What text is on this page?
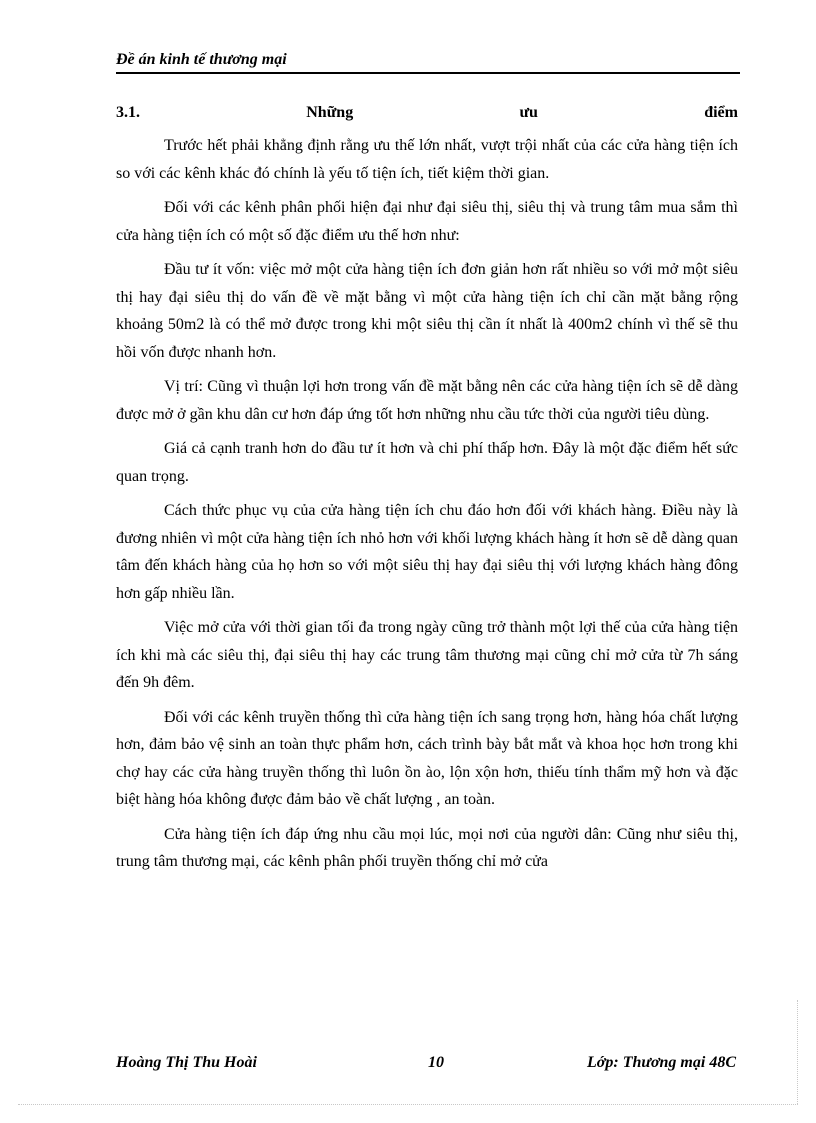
Đề án kinh tế thương mại
3.1.	Những	ưu	điểm

Trước hết phải khẳng định rằng ưu thế lớn nhất, vượt trội nhất của các cửa hàng tiện ích so với các kênh khác đó chính là yếu tố tiện ích, tiết kiệm thời gian.

Đối với các kênh phân phối hiện đại như đại siêu thị, siêu thị và trung tâm mua sắm thì cửa hàng tiện ích có một số đặc điểm ưu thế hơn như:

Đầu tư ít vốn: việc mở một cửa hàng tiện ích đơn giản hơn rất nhiều so với mở một siêu thị hay đại siêu thị do vấn đề về mặt bằng vì một cửa hàng tiện ích chỉ cần mặt bằng rộng khoảng 50m2 là có thể mở được trong khi một siêu thị cần ít nhất là 400m2 chính vì thế sẽ thu hồi vốn được nhanh hơn.

Vị trí: Cũng vì thuận lợi hơn trong vấn đề mặt bằng nên các cửa hàng tiện ích sẽ dễ dàng được mở ở gần khu dân cư hơn đáp ứng tốt hơn những nhu cầu tức thời của người tiêu dùng.

Giá cả cạnh tranh hơn do đầu tư ít hơn và chi phí thấp hơn. Đây là một đặc điểm hết sức quan trọng.

Cách thức phục vụ của cửa hàng tiện ích chu đáo hơn đối với khách hàng. Điều này là đương nhiên vì một cửa hàng tiện ích nhỏ hơn với khối lượng khách hàng ít hơn sẽ dễ dàng quan tâm đến khách hàng của họ hơn so với một siêu thị hay đại siêu thị với lượng khách hàng đông hơn gấp nhiều lần.

Việc mở cửa với thời gian tối đa trong ngày cũng trở thành một lợi thế của cửa hàng tiện ích khi mà các siêu thị, đại siêu thị hay các trung tâm thương mại cũng chỉ mở cửa từ 7h sáng đến 9h đêm.

Đối với các kênh truyền thống thì cửa hàng tiện ích sang trọng hơn, hàng hóa chất lượng hơn, đảm bảo vệ sinh an toàn thực phẩm hơn, cách trình bày bắt mắt và khoa học hơn trong khi chợ hay các cửa hàng truyền thống thì luôn ồn ào, lộn xộn hơn, thiếu tính thẩm mỹ hơn và đặc biệt hàng hóa không được đảm bảo về chất lượng , an toàn.

Cửa hàng tiện ích đáp ứng nhu cầu mọi lúc, mọi nơi của người dân: Cũng như siêu thị, trung tâm thương mại, các kênh phân phối truyền thống chỉ mở cửa

Hoàng Thị Thu Hoài	10	Lớp: Thương mại 48C
